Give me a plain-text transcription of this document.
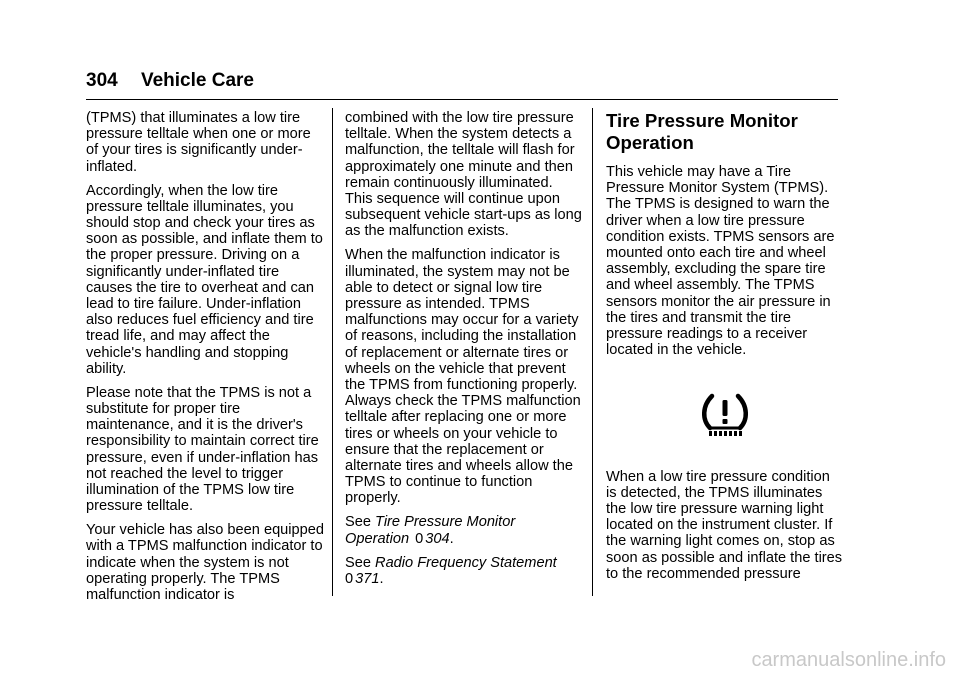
304 Vehicle Care

(TPMS) that illuminates a low tire pressure telltale when one or more of your tires is significantly under-inflated.

Accordingly, when the low tire pressure telltale illuminates, you should stop and check your tires as soon as possible, and inflate them to the proper pressure. Driving on a significantly under-inflated tire causes the tire to overheat and can lead to tire failure. Under-inflation also reduces fuel efficiency and tire tread life, and may affect the vehicle's handling and stopping ability.

Please note that the TPMS is not a substitute for proper tire maintenance, and it is the driver's responsibility to maintain correct tire pressure, even if under-inflation has not reached the level to trigger illumination of the TPMS low tire pressure telltale.

Your vehicle has also been equipped with a TPMS malfunction indicator to indicate when the system is not operating properly. The TPMS malfunction indicator is

combined with the low tire pressure telltale. When the system detects a malfunction, the telltale will flash for approximately one minute and then remain continuously illuminated. This sequence will continue upon subsequent vehicle start-ups as long as the malfunction exists.

When the malfunction indicator is illuminated, the system may not be able to detect or signal low tire pressure as intended. TPMS malfunctions may occur for a variety of reasons, including the installation of replacement or alternate tires or wheels on the vehicle that prevent the TPMS from functioning properly. Always check the TPMS malfunction telltale after replacing one or more tires or wheels on your vehicle to ensure that the replacement or alternate tires and wheels allow the TPMS to continue to function properly.

See Tire Pressure Monitor Operation 0 304.

See Radio Frequency Statement
0 371.

Tire Pressure Monitor Operation

This vehicle may have a Tire Pressure Monitor System (TPMS). The TPMS is designed to warn the driver when a low tire pressure condition exists. TPMS sensors are mounted onto each tire and wheel assembly, excluding the spare tire and wheel assembly. The TPMS sensors monitor the air pressure in the tires and transmit the tire pressure readings to a receiver located in the vehicle.

When a low tire pressure condition is detected, the TPMS illuminates the low tire pressure warning light located on the instrument cluster. If the warning light comes on, stop as soon as possible and inflate the tires to the recommended pressure

carmanualsonline.info
